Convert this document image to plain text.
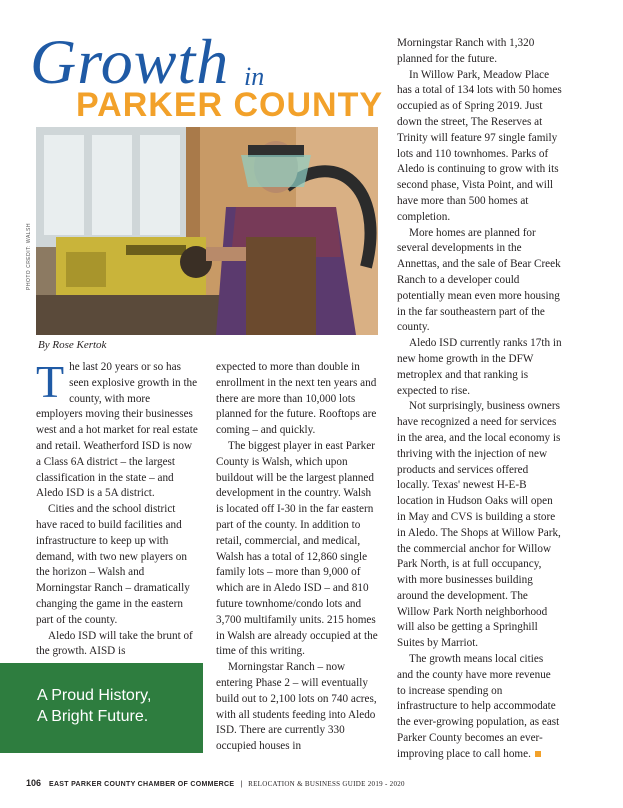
Growth in
PARKER COUNTY
PHOTO CREDIT: WALSH
By Rose Kertok

The last 20 years or so has seen explosive growth in the county, with more employers moving their businesses west and a hot market for real estate and retail. Weatherford ISD is now a Class 6A district – the largest classification in the state – and Aledo ISD is a 5A district.

Cities and the school district have raced to build facilities and infrastructure to keep up with demand, with two new players on the horizon – Walsh and Morningstar Ranch – dramatically changing the game in the eastern part of the county.

Aledo ISD will take the brunt of the growth. AISD is

expected to more than double in enrollment in the next ten years and there are more than 10,000 lots planned for the future. Rooftops are coming – and quickly.

The biggest player in east Parker County is Walsh, which upon buildout will be the largest planned development in the country. Walsh is located off I-30 in the far eastern part of the county. In addition to retail, commercial, and medical, Walsh has a total of 12,860 single family lots – more than 9,000 of which are in Aledo ISD – and 810 future townhome/condo lots and 3,700 multifamily units. 215 homes in Walsh are already occupied at the time of this writing.

Morningstar Ranch – now entering Phase 2 – will eventually build out to 2,100 lots on 740 acres, with all students feeding into Aledo ISD. There are currently 330 occupied houses in

Morningstar Ranch with 1,320 planned for the future.

In Willow Park, Meadow Place has a total of 134 lots with 50 homes occupied as of Spring 2019. Just down the street, The Reserves at Trinity will feature 97 single family lots and 110 townhomes. Parks of Aledo is continuing to grow with its second phase, Vista Point, and will have more than 500 homes at completion.

More homes are planned for several developments in the Annettas, and the sale of Bear Creek Ranch to a developer could potentially mean even more housing in the far southeastern part of the county.

Aledo ISD currently ranks 17th in new home growth in the DFW metroplex and that ranking is expected to rise.

Not surprisingly, business owners have recognized a need for services in the area, and the local economy is thriving with the injection of new products and services offered locally. Texas' newest H-E-B location in Hudson Oaks will open in May and CVS is building a store in Aledo. The Shops at Willow Park, the commercial anchor for Willow Park North, is at full occupancy, with more businesses building around the development. The Willow Park North neighborhood will also be getting a Springhill Suites by Marriot.

The growth means local cities and the county have more revenue to increase spending on infrastructure to help accommodate the ever-growing population, as east Parker County becomes an ever-improving place to call home.

A Proud History,
A Bright Future.
106 EAST PARKER COUNTY CHAMBER OF COMMERCE | RELOCATION & BUSINESS GUIDE 2019 - 2020
